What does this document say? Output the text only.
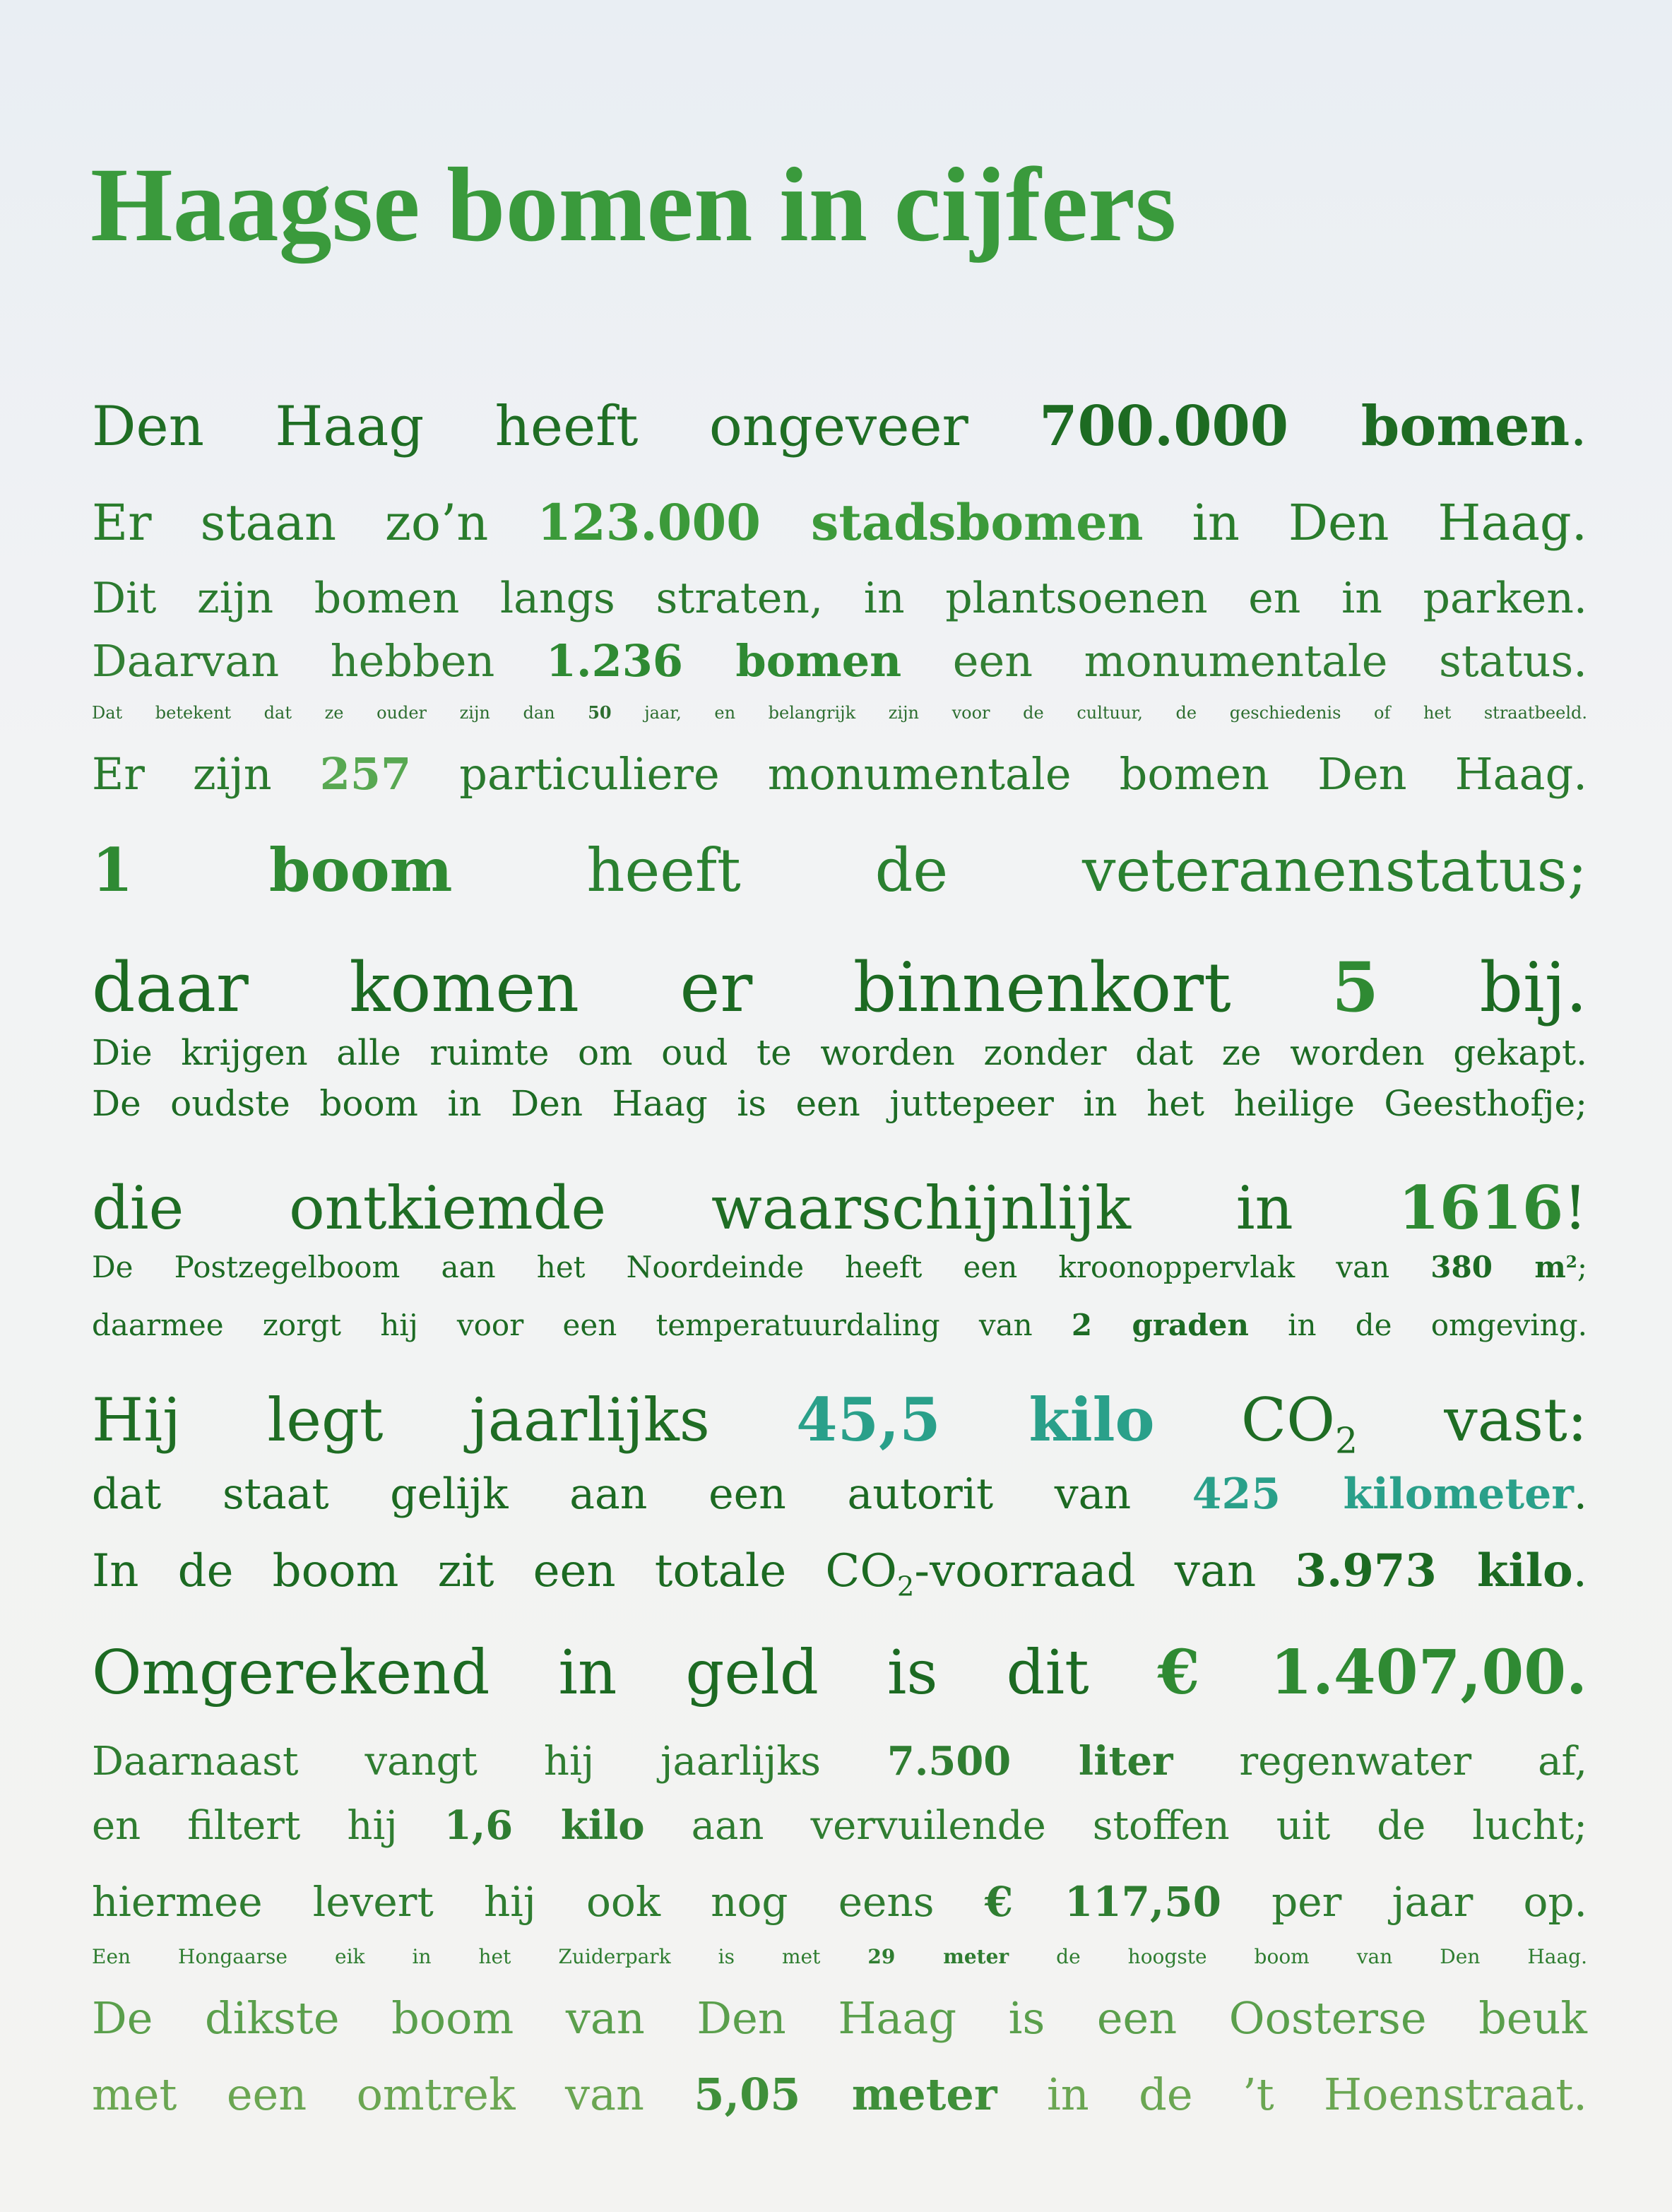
Haagse bomen in cijfers

Den Haag heeft ongeveer 700.000 bomen.

Er staan zo’n 123.000 stadsbomen in Den Haag.

Dit zijn bomen langs straten, in plantsoenen en in parken.

Daarvan hebben 1.236 bomen een monumentale status.

Dat betekent dat ze ouder zijn dan 50 jaar, en belangrijk zijn voor de cultuur, de geschiedenis of het straatbeeld.

Er zijn 257 particuliere monumentale bomen Den Haag.

1 boom heeft de veteranenstatus;

daar komen er binnenkort 5 bij.

Die krijgen alle ruimte om oud te worden zonder dat ze worden gekapt.

De oudste boom in Den Haag is een juttepeer in het heilige Geesthofje;

die ontkiemde waarschijnlijk in 1616!

De Postzegelboom aan het Noordeinde heeft een kroonoppervlak van 380 $m^2$;

daarmee zorgt hij voor een temperatuurdaling van 2 graden in de omgeving.

Hij legt jaarlijks 45,5 kilo $CO_2$ vast:

dat staat gelijk aan een autorit van 425 kilometer.

In de boom zit een totale $CO_2$-voorraad van 3.973 kilo.

Omgerekend in geld is dit € 1.407,00.

Daarnaast vangt hij jaarlijks 7.500 liter regenwater af,

en filtert hij 1,6 kilo aan vervuilende stoffen uit de lucht;

hiermee levert hij ook nog eens € 117,50 per jaar op.

Een Hongaarse eik in het Zuiderpark is met 29 meter de hoogste boom van Den Haag.

De dikste boom van Den Haag is een Oosterse beuk

met een omtrek van 5,05 meter in de ’t Hoenstraat.
